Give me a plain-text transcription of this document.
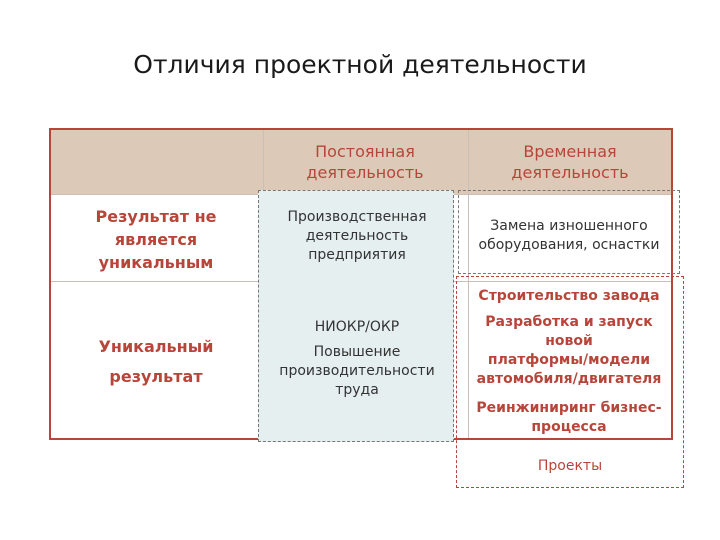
Отличия проектной деятельности
Постоянная
деятельность
Временная
деятельность
Результат не
является
уникальным
Производственная
деятельность
предприятия
Замена изношенного
оборудования, оснастки
Уникальный
результат
НИОКР/ОКР
Повышение
производительности
труда
Строительство завода
Разработка и запуск
новой
платформы/модели
автомобиля/двигателя
Реинжиниринг бизнес-
процесса
Проекты
